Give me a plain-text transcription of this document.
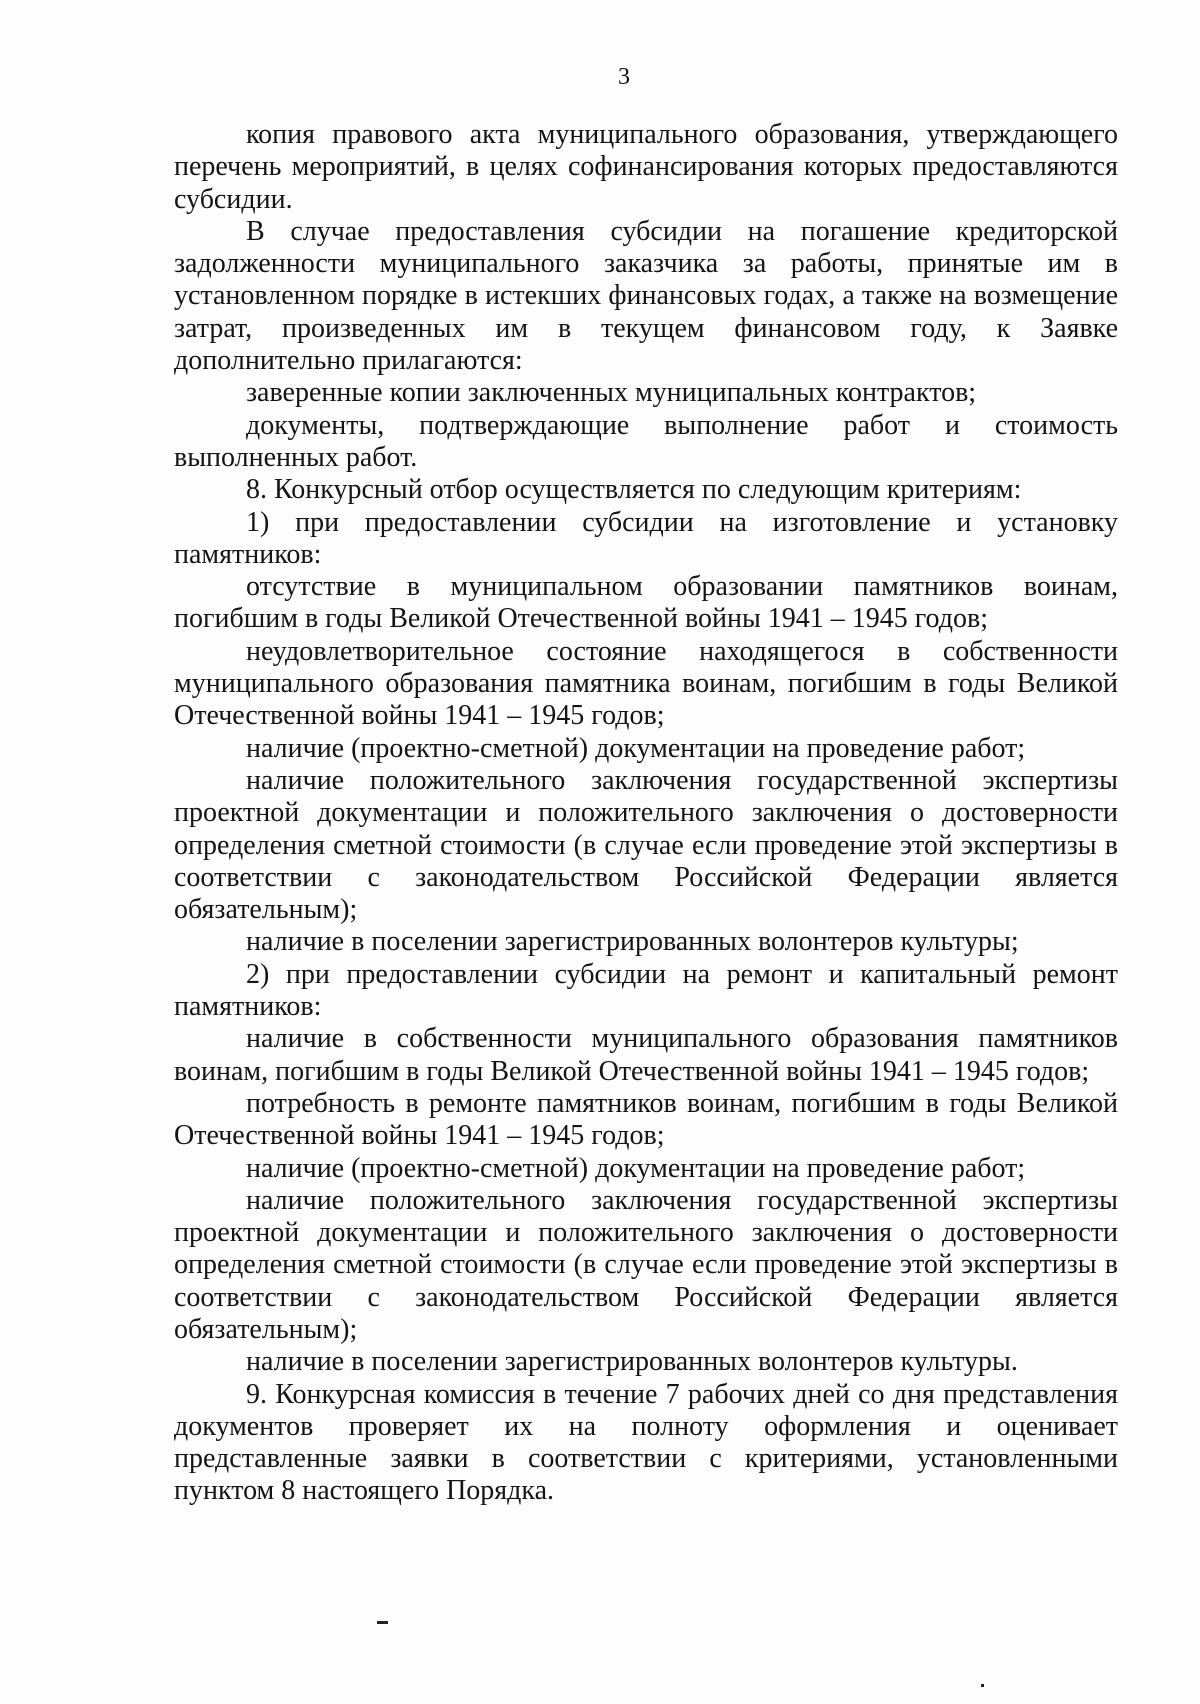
3

копия правового акта муниципального образования, утверждающего перечень мероприятий, в целях софинансирования которых предоставляются субсидии.

В случае предоставления субсидии на погашение кредиторской задолженности муниципального заказчика за работы, принятые им в установленном порядке в истекших финансовых годах, а также на возмещение затрат, произведенных им в текущем финансовом году, к Заявке дополнительно прилагаются:

заверенные копии заключенных муниципальных контрактов;

документы, подтверждающие выполнение работ и стоимость выполненных работ.

8. Конкурсный отбор осуществляется по следующим критериям:

1) при предоставлении субсидии на изготовление и установку памятников:

отсутствие в муниципальном образовании памятников воинам, погибшим в годы Великой Отечественной войны 1941 – 1945 годов;

неудовлетворительное состояние находящегося в собственности муниципального образования памятника воинам, погибшим в годы Великой Отечественной войны 1941 – 1945 годов;

наличие (проектно-сметной) документации на проведение работ;

наличие положительного заключения государственной экспертизы проектной документации и положительного заключения о достоверности определения сметной стоимости (в случае если проведение этой экспертизы в соответствии с законодательством Российской Федерации является обязательным);

наличие в поселении зарегистрированных волонтеров культуры;

2) при предоставлении субсидии на ремонт и капитальный ремонт памятников:

наличие в собственности муниципального образования памятников воинам, погибшим в годы Великой Отечественной войны 1941 – 1945 годов;

потребность в ремонте памятников воинам, погибшим в годы Великой Отечественной войны 1941 – 1945 годов;

наличие (проектно-сметной) документации на проведение работ;

наличие положительного заключения государственной экспертизы проектной документации и положительного заключения о достоверности определения сметной стоимости (в случае если проведение этой экспертизы в соответствии с законодательством Российской Федерации является обязательным);

наличие в поселении зарегистрированных волонтеров культуры.

9. Конкурсная комиссия в течение 7 рабочих дней со дня представления документов проверяет их на полноту оформления и оценивает представленные заявки в соответствии с критериями, установленными пунктом 8 настоящего Порядка.
